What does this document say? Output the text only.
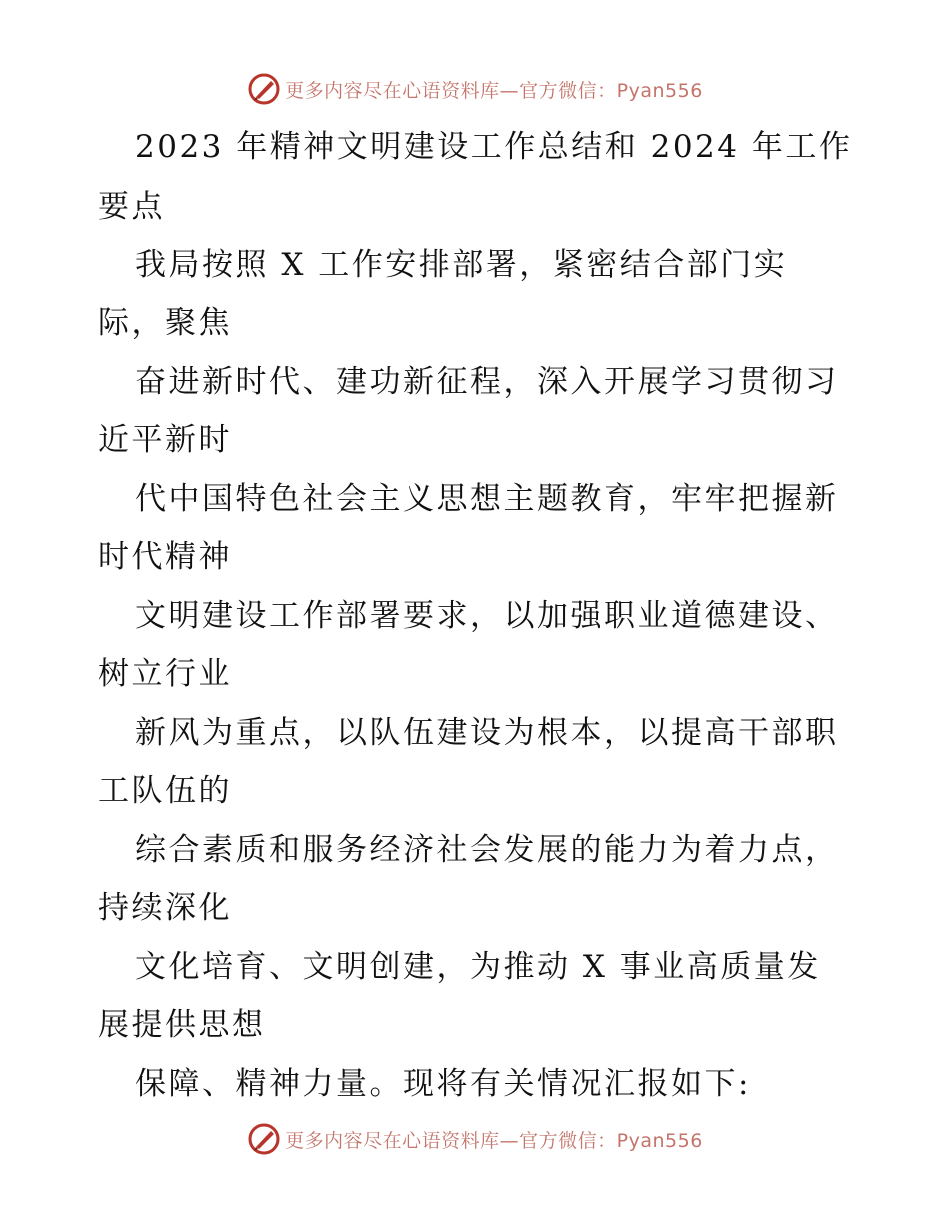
更多内容尽在心语资料库—官方微信：Pyan556
2023 年精神文明建设工作总结和 2024 年工作
要点
我局按照 X 工作安排部署，紧密结合部门实
际，聚焦
奋进新时代、建功新征程，深入开展学习贯彻习
近平新时
代中国特色社会主义思想主题教育，牢牢把握新
时代精神
文明建设工作部署要求，以加强职业道德建设、
树立行业
新风为重点，以队伍建设为根本，以提高干部职
工队伍的
综合素质和服务经济社会发展的能力为着力点，
持续深化
文化培育、文明创建，为推动 X 事业高质量发
展提供思想
保障、精神力量。现将有关情况汇报如下:
更多内容尽在心语资料库—官方微信：Pyan556
